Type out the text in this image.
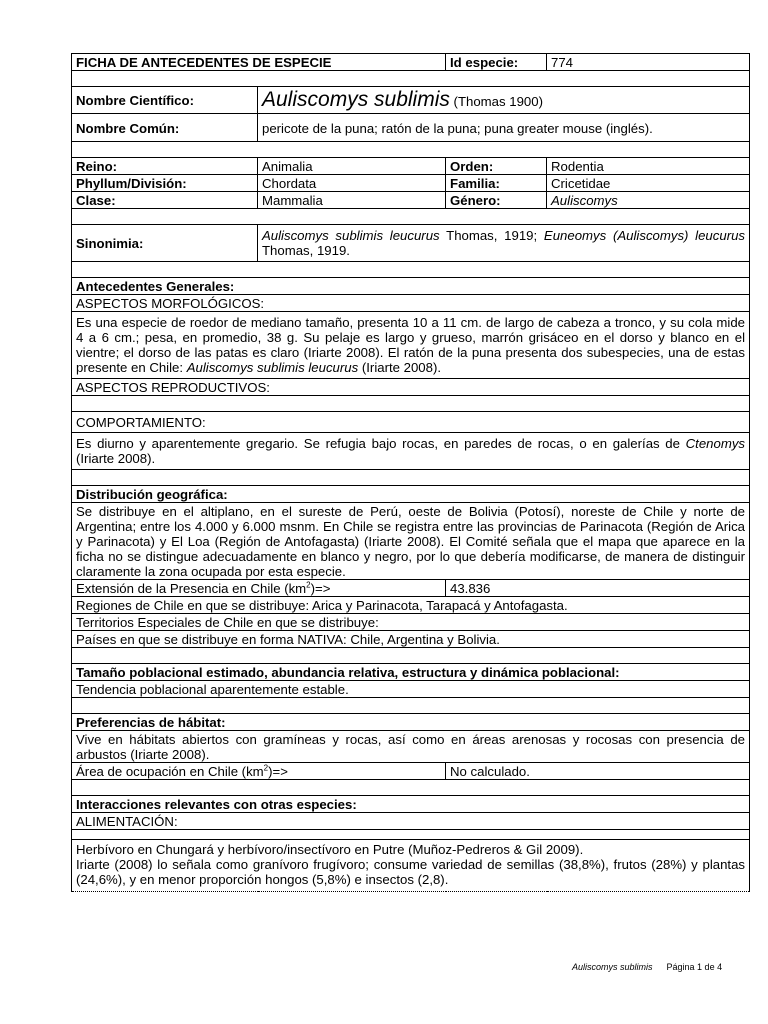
FICHA DE ANTECEDENTES DE ESPECIE		Id especie:	774

Nombre Científico:	Auliscomys sublimis (Thomas 1900)		
Nombre Común:	pericote de la puna; ratón de la puna; puna greater mouse (inglés).		

Reino:	Animalia	Orden:	Rodentia
Phyllum/División:	Chordata	Familia:	Cricetidae
Clase:	Mammalia	Género:	Auliscomys

Sinonimia:	Auliscomys sublimis leucurus Thomas, 1919; Euneomys (Auliscomys) leucurus Thomas, 1919.		

Antecedentes Generales:			
ASPECTOS MORFOLÓGICOS:			
Es una especie de roedor de mediano tamaño, presenta 10 a 11 cm. de largo de cabeza a tronco, y su cola mide 4 a 6 cm.; pesa, en promedio, 38 g. Su pelaje es largo y grueso, marrón grisáceo en el dorso y blanco en el vientre; el dorso de las patas es claro (Iriarte 2008). El ratón de la puna presenta dos subespecies, una de estas presente en Chile: Auliscomys sublimis leucurus (Iriarte 2008).			
ASPECTOS REPRODUCTIVOS:			

COMPORTAMIENTO:			
Es diurno y aparentemente gregario. Se refugia bajo rocas, en paredes de rocas, o en galerías de Ctenomys (Iriarte 2008).			

Distribución geográfica:			
Se distribuye en el altiplano, en el sureste de Perú, oeste de Bolivia (Potosí), noreste de Chile y norte de Argentina; entre los 4.000 y 6.000 msnm. En Chile se registra entre las provincias de Parinacota (Región de Arica y Parinacota) y El Loa (Región de Antofagasta) (Iriarte 2008). El Comité señala que el mapa que aparece en la ficha no se distingue adecuadamente en blanco y negro, por lo que debería modificarse, de manera de distinguir claramente la zona ocupada por esta especie.			
Extensión de la Presencia en Chile $(km^2)=>$		43.836	
Regiones de Chile en que se distribuye: Arica y Parinacota, Tarapacá y Antofagasta.			
Territorios Especiales de Chile en que se distribuye:			
Países en que se distribuye en forma NATIVA: Chile, Argentina y Bolivia.			

Tamaño poblacional estimado, abundancia relativa, estructura y dinámica poblacional:			
Tendencia poblacional aparentemente estable.			

Preferencias de hábitat:			
Vive en hábitats abiertos con gramíneas y rocas, así como en áreas arenosas y rocosas con presencia de arbustos (Iriarte 2008).			
Área de ocupación en Chile $(km^2)=>$		No calculado.	

Interacciones relevantes con otras especies:			
ALIMENTACIÓN:			

Herbívoro en Chungará y herbívoro/insectívoro en Putre (Muñoz-Pedreros & Gil 2009).
Iriarte (2008) lo señala como granívoro frugívoro; consume variedad de semillas (38,8%), frutos (28%) y plantas (24,6%), y en menor proporción hongos (5,8%) e insectos (2,8).			
Auliscomys sublimis Página 1 de 4
